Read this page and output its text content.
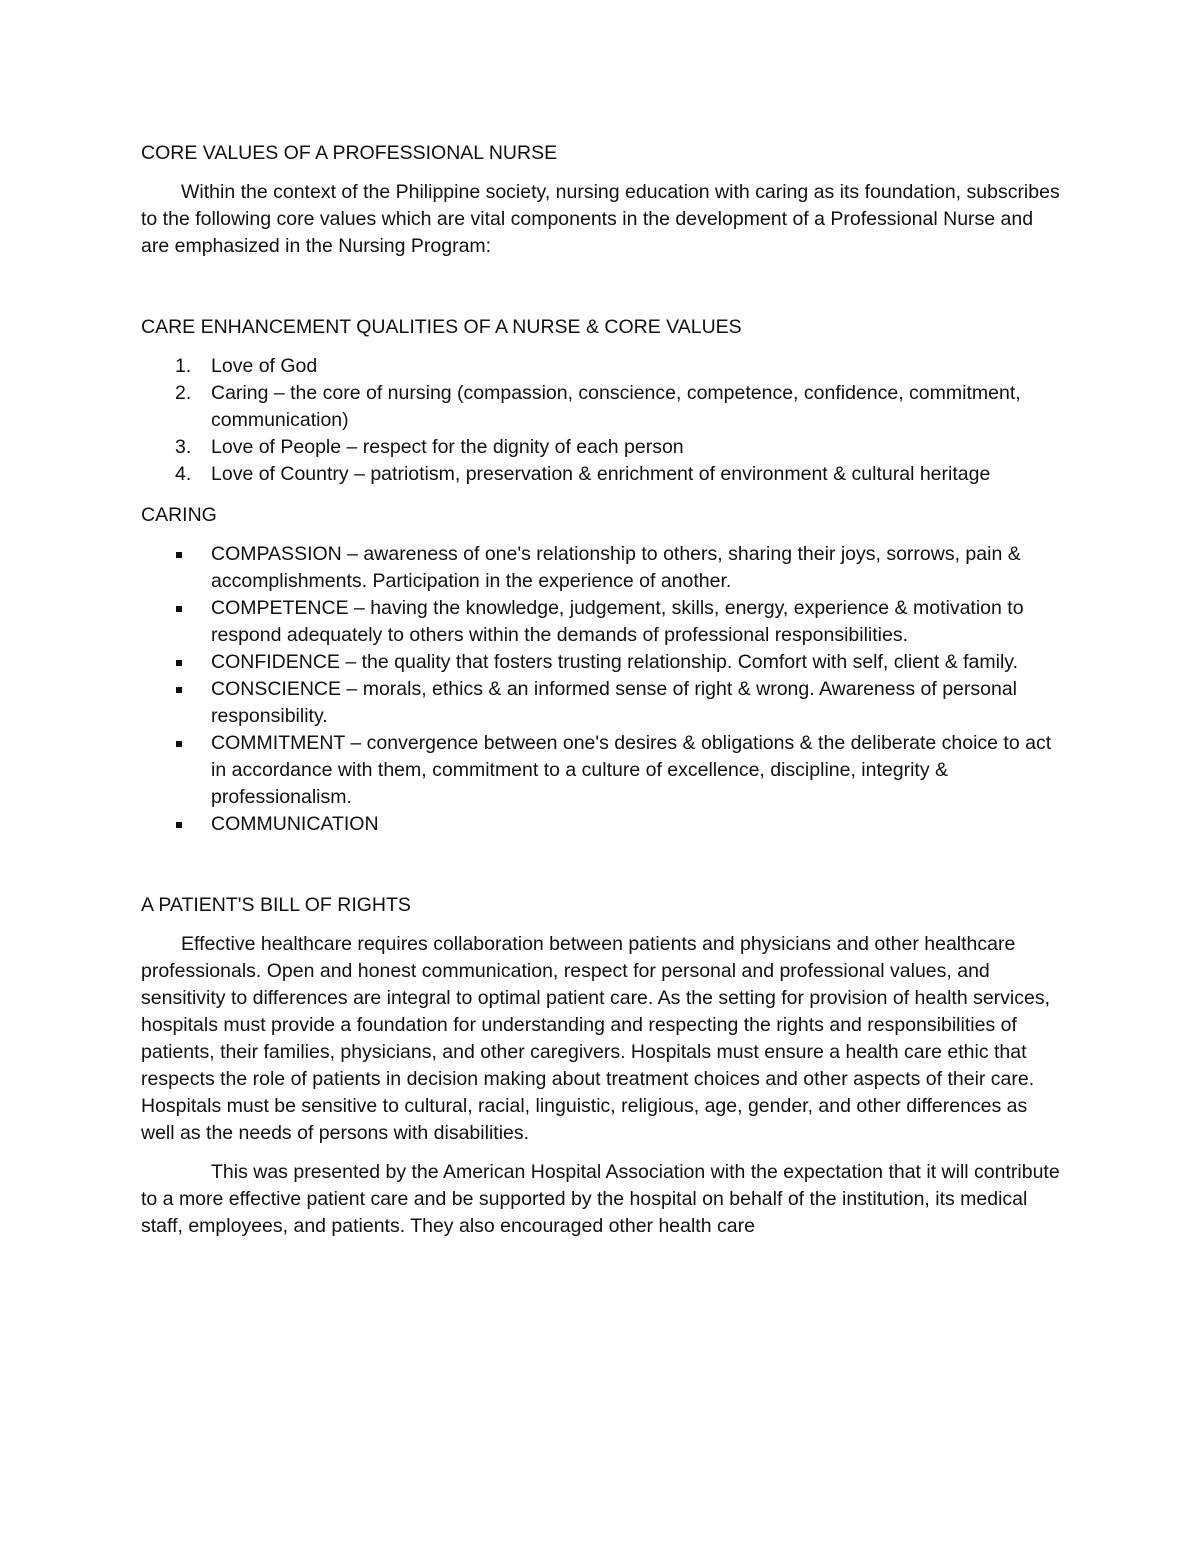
CORE VALUES OF A PROFESSIONAL NURSE

Within the context of the Philippine society, nursing education with caring as its foundation, subscribes to the following core values which are vital components in the development of a Professional Nurse and are emphasized in the Nursing Program:

CARE ENHANCEMENT QUALITIES OF A NURSE & CORE VALUES
1. Love of God
2. Caring – the core of nursing (compassion, conscience, competence, confidence, commitment, communication)
3. Love of People – respect for the dignity of each person
4. Love of Country – patriotism, preservation & enrichment of environment & cultural heritage
CARING
COMPASSION – awareness of one's relationship to others, sharing their joys, sorrows, pain & accomplishments. Participation in the experience of another.
COMPETENCE – having the knowledge, judgement, skills, energy, experience & motivation to respond adequately to others within the demands of professional responsibilities.
CONFIDENCE – the quality that fosters trusting relationship. Comfort with self, client & family.
CONSCIENCE – morals, ethics & an informed sense of right & wrong. Awareness of personal responsibility.
COMMITMENT – convergence between one's desires & obligations & the deliberate choice to act in accordance with them, commitment to a culture of excellence, discipline, integrity & professionalism.
COMMUNICATION
A PATIENT'S BILL OF RIGHTS

Effective healthcare requires collaboration between patients and physicians and other healthcare professionals. Open and honest communication, respect for personal and professional values, and sensitivity to differences are integral to optimal patient care. As the setting for provision of health services, hospitals must provide a foundation for understanding and respecting the rights and responsibilities of patients, their families, physicians, and other caregivers. Hospitals must ensure a health care ethic that respects the role of patients in decision making about treatment choices and other aspects of their care. Hospitals must be sensitive to cultural, racial, linguistic, religious, age, gender, and other differences as well as the needs of persons with disabilities.

This was presented by the American Hospital Association with the expectation that it will contribute to a more effective patient care and be supported by the hospital on behalf of the institution, its medical staff, employees, and patients. They also encouraged other health care
